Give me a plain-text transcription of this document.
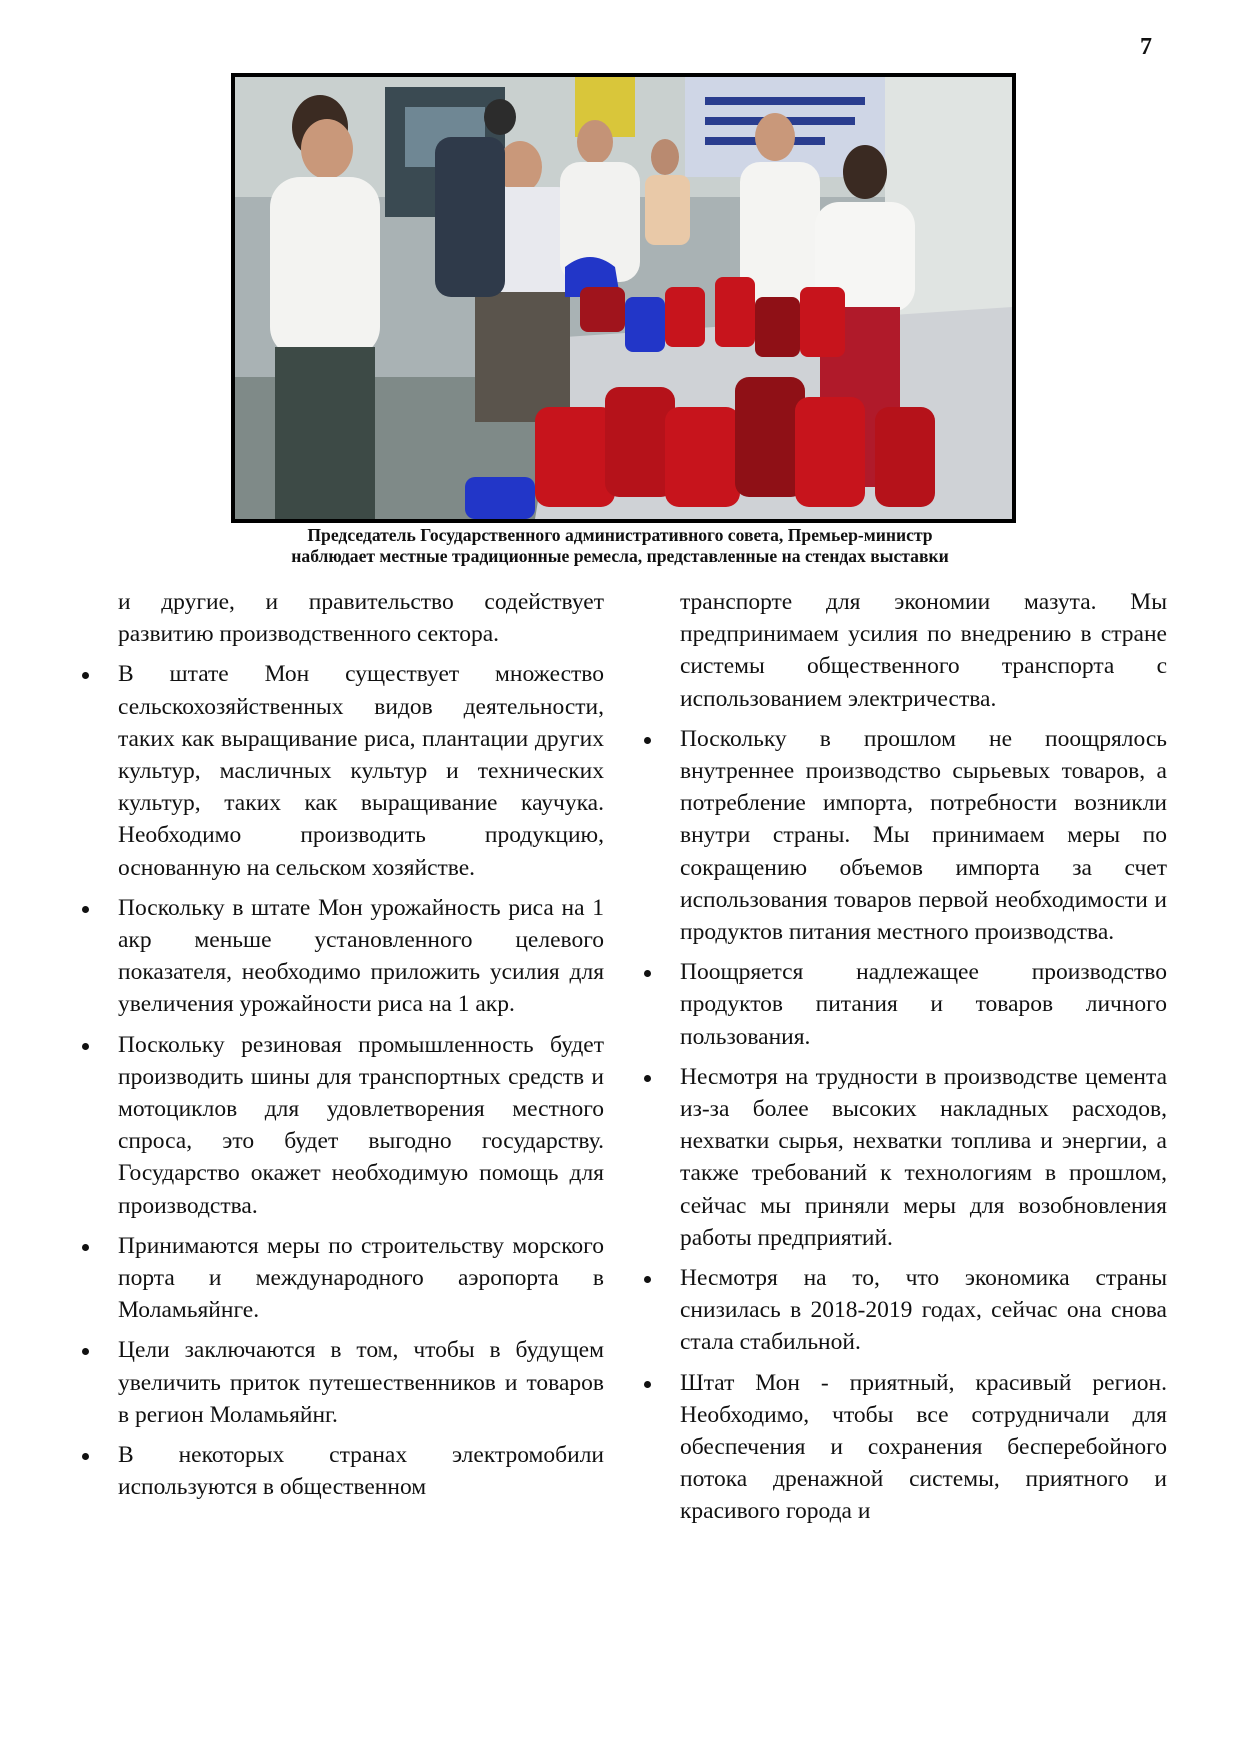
7
Председатель Государственного административного совета, Премьер-министр
наблюдает местные традиционные ремесла, представленные на стендах выставки
и другие, и правительство содействует развитию производственного сектора.
В штате Мон существует множество сельскохозяйственных видов деятельности, таких как выращивание риса, плантации других культур, масличных культур и технических культур, таких как выращивание каучука. Необходимо производить продукцию, основанную на сельском хозяйстве.
Поскольку в штате Мон урожайность риса на 1 акр меньше установленного целевого показателя, необходимо приложить усилия для увеличения урожайности риса на 1 акр.
Поскольку резиновая промышленность будет производить шины для транспортных средств и мотоциклов для удовлетворения местного спроса, это будет выгодно государству. Государство окажет необходимую помощь для производства.
Принимаются меры по строительству морского порта и международного аэропорта в Моламьяйнге.
Цели заключаются в том, чтобы в будущем увеличить приток путешественников и товаров в регион Моламьяйнг.
В некоторых странах электромобили используются в общественном
транспорте для экономии мазута. Мы предпринимаем усилия по внедрению в стране системы общественного транспорта с использованием электричества.
Поскольку в прошлом не поощрялось внутреннее производство сырьевых товаров, а потребление импорта, потребности возникли внутри страны. Мы принимаем меры по сокращению объемов импорта за счет использования товаров первой необходимости и продуктов питания местного производства.
Поощряется надлежащее производство продуктов питания и товаров личного пользования.
Несмотря на трудности в производстве цемента из-за более высоких накладных расходов, нехватки сырья, нехватки топлива и энергии, а также требований к технологиям в прошлом, сейчас мы приняли меры для возобновления работы предприятий.
Несмотря на то, что экономика страны снизилась в 2018-2019 годах, сейчас она снова стала стабильной.
Штат Мон - приятный, красивый регион. Необходимо, чтобы все сотрудничали для обеспечения и сохранения бесперебойного потока дренажной системы, приятного и красивого города и
